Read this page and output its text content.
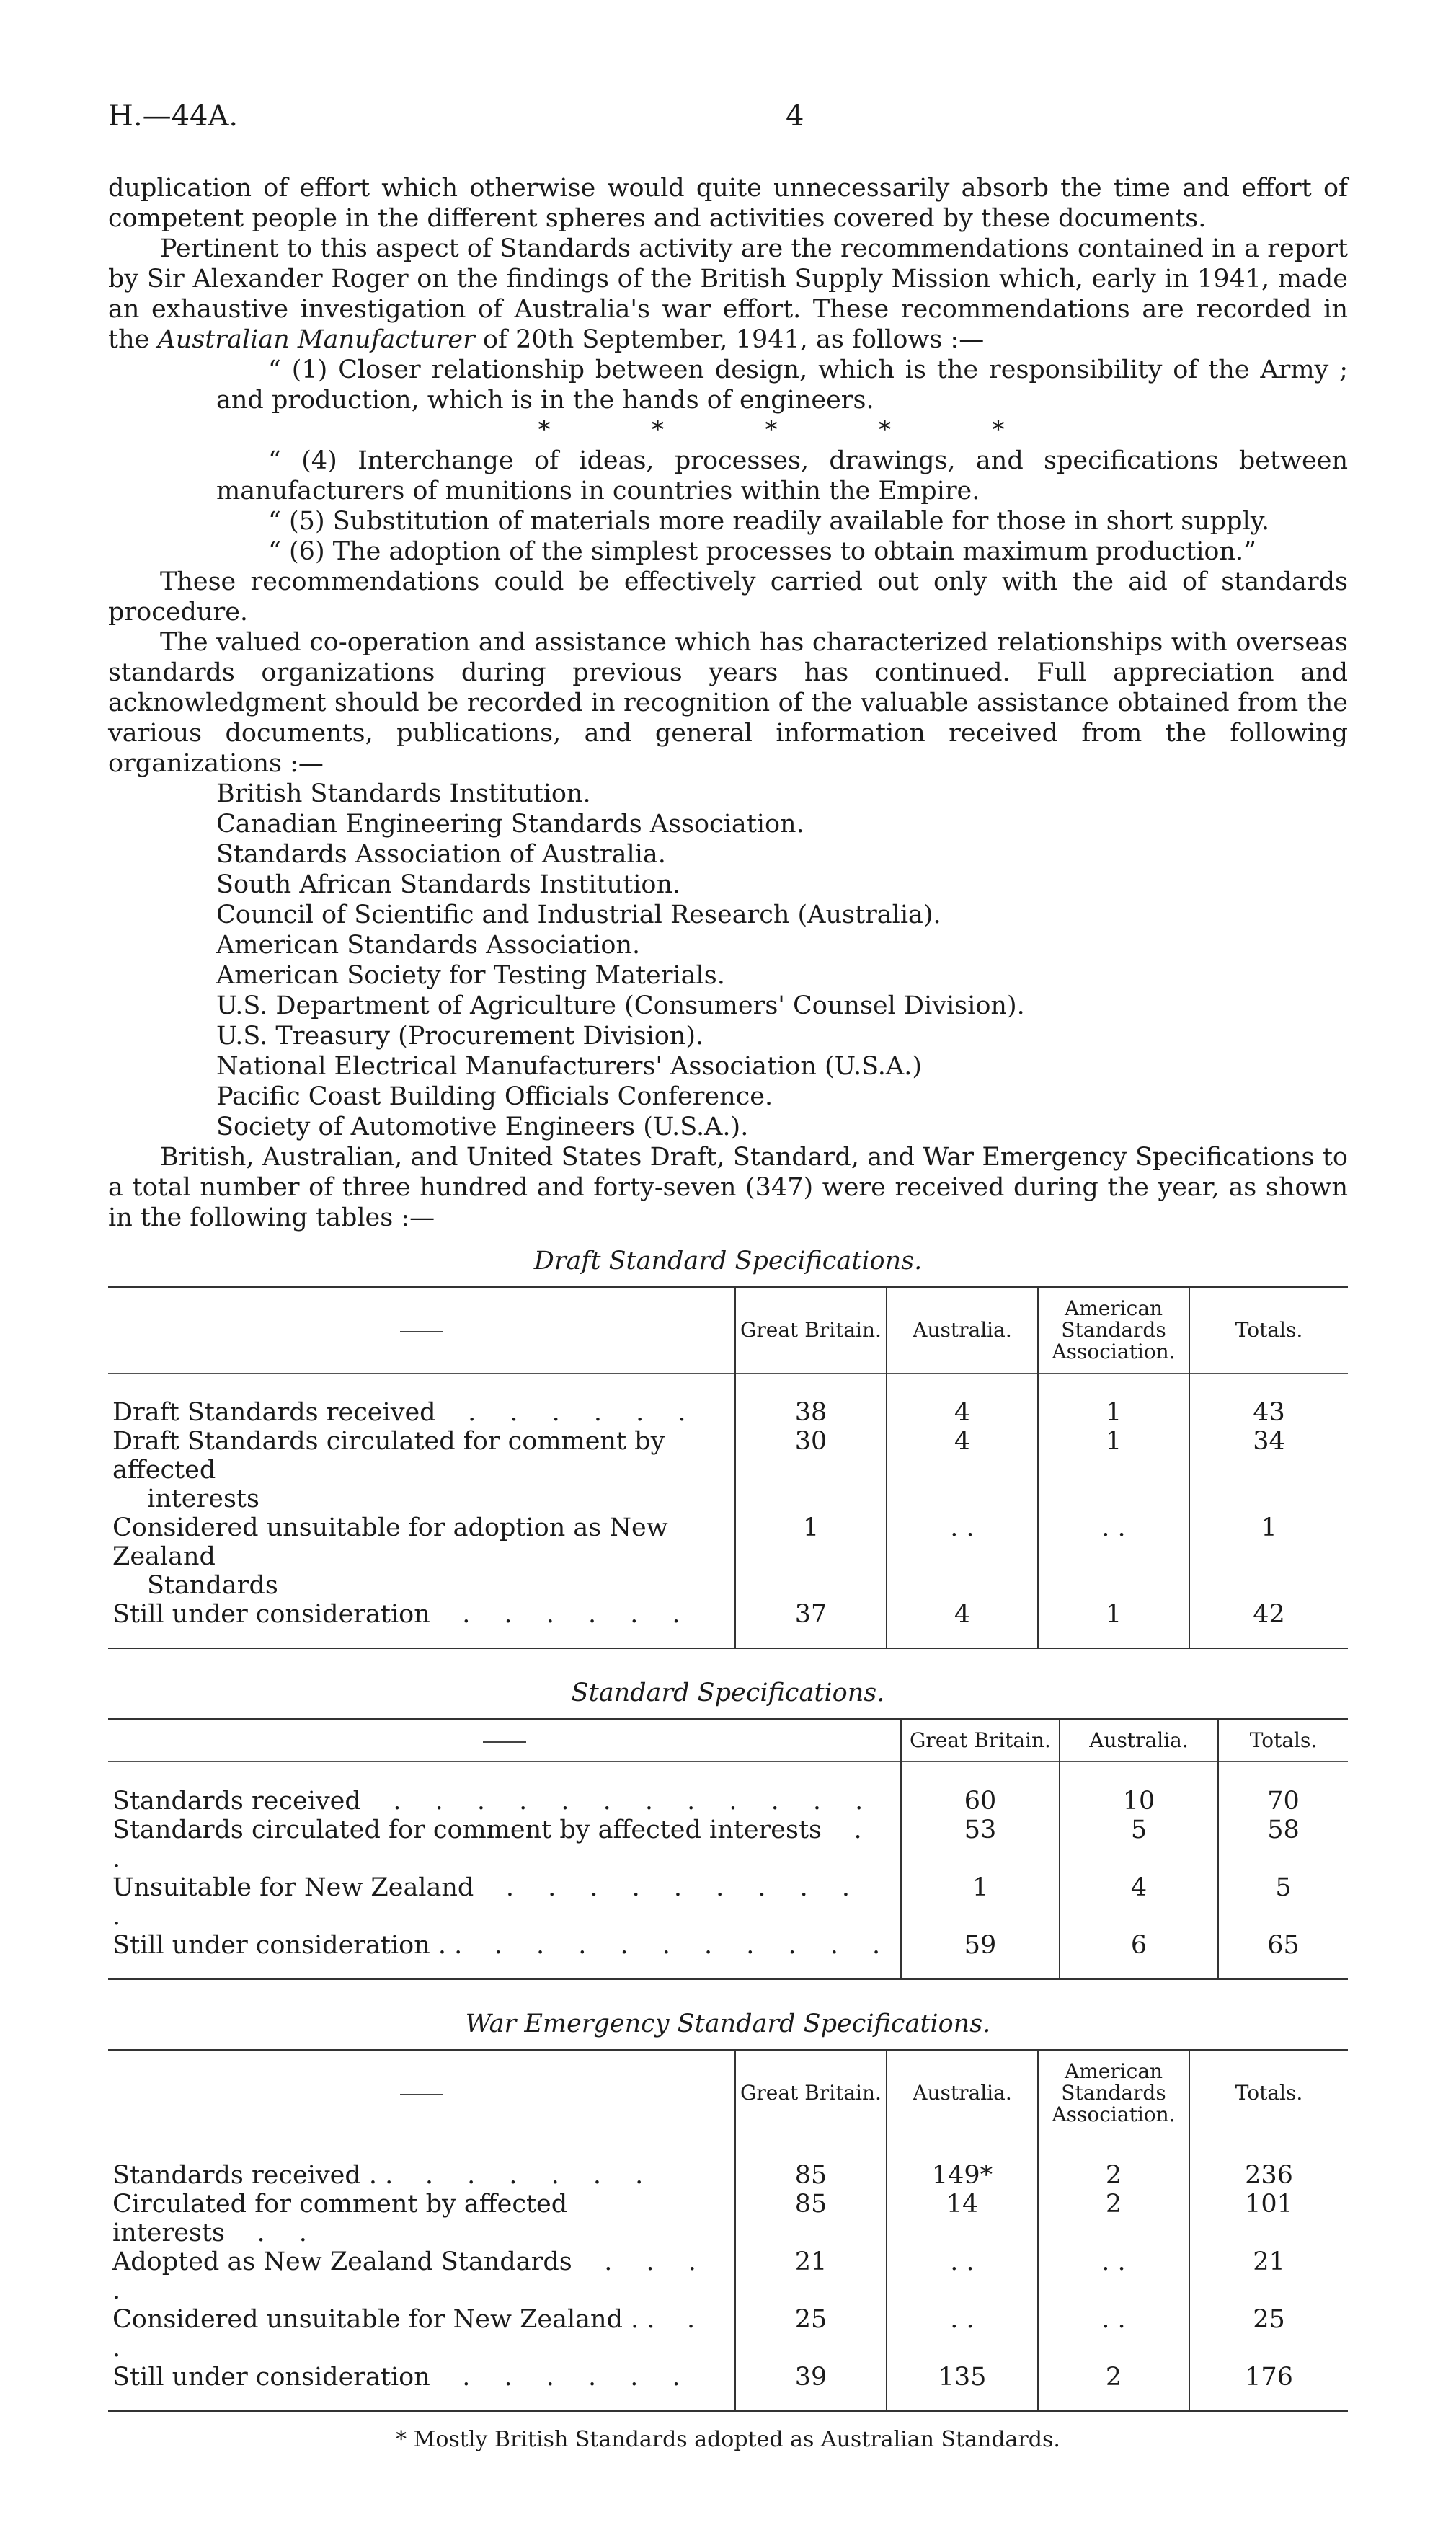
H.—44A.	4

duplication of effort which otherwise would quite unnecessarily absorb the time and effort of competent people in the different spheres and activities covered by these documents.

Pertinent to this aspect of Standards activity are the recommendations contained in a report by Sir Alexander Roger on the findings of the British Supply Mission which, early in 1941, made an exhaustive investigation of Australia's war effort. These recommendations are recorded in the Australian Manufacturer of 20th September, 1941, as follows :—

“ (1) Closer relationship between design, which is the responsibility of the Army ; and production, which is in the hands of engineers.

*	*	*	*	*

“ (4) Interchange of ideas, processes, drawings, and specifications between manufacturers of munitions in countries within the Empire.

“ (5) Substitution of materials more readily available for those in short supply.

“ (6) The adoption of the simplest processes to obtain maximum production.”

These recommendations could be effectively carried out only with the aid of standards procedure.

The valued co-operation and assistance which has characterized relationships with overseas standards organizations during previous years has continued. Full appreciation and acknowledgment should be recorded in recognition of the valuable assistance obtained from the various documents, publications, and general information received from the following organizations :—

British Standards Institution.
Canadian Engineering Standards Association.
Standards Association of Australia.
South African Standards Institution.
Council of Scientific and Industrial Research (Australia).
American Standards Association.
American Society for Testing Materials.
U.S. Department of Agriculture (Consumers' Counsel Division).
U.S. Treasury (Procurement Division).
National Electrical Manufacturers' Association (U.S.A.)
Pacific Coast Building Officials Conference.
Society of Automotive Engineers (U.S.A.).

British, Australian, and United States Draft, Standard, and War Emergency Specifications to a total number of three hundred and forty-seven (347) were received during the year, as shown in the following tables :—

Draft Standard Specifications.
	Great Britain.	Australia.	American Standards Association.	Totals.

Draft Standards received . . . . . .	38	4	1	43
Draft Standards circulated for comment by affected
interests	30	4	1	34
Considered unsuitable for adoption as New Zealand
Standards	1	. .	. .	1
Still under consideration . . . . . .	37	4	1	42

Standard Specifications.
	Great Britain.	Australia.	Totals.

Standards received . . . . . . . . . . . .	60	10	70
Standards circulated for comment by affected interests . .	53	5	58
Unsuitable for New Zealand . . . . . . . . . .	1	4	5
Still under consideration . . . . . . . . . . . .	59	6	65

War Emergency Standard Specifications.
	Great Britain.	Australia.	American Standards Association.	Totals.

Standards received . . . . . . . .	85	149*	2	236
Circulated for comment by affected interests . .	85	14	2	101
Adopted as New Zealand Standards . . . .	21	. .	. .	21
Considered unsuitable for New Zealand . . . .	25	. .	. .	25
Still under consideration . . . . . .	39	135	2	176

* Mostly British Standards adopted as Australian Standards.
